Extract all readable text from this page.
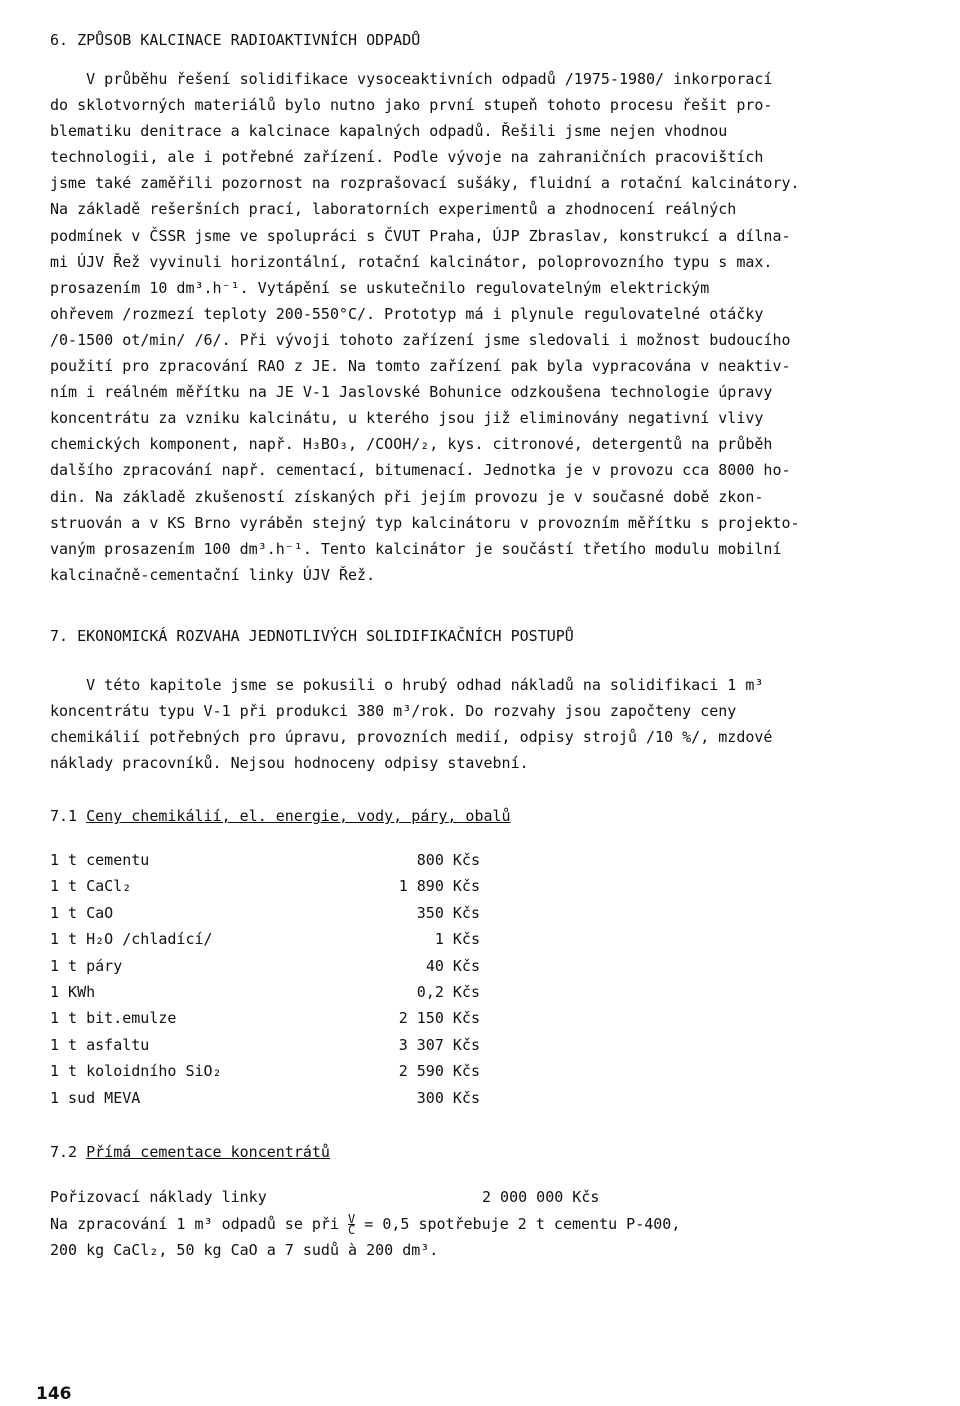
6. ZPŮSOB KALCINACE RADIOAKTIVNÍCH ODPADŮ
V průběhu řešení solidifikace vysoceaktivních odpadů /1975-1980/ inkorporací
do sklotvorných materiálů bylo nutno jako první stupeň tohoto procesu řešit pro-
blematiku denitrace a kalcinace kapalných odpadů. Řešili jsme nejen vhodnou
technologii, ale i potřebné zařízení. Podle vývoje na zahraničních pracovištích
jsme také zaměřili pozornost na rozprašovací sušáky, fluidní a rotační kalcinátory.
Na základě rešeršních prací, laboratorních experimentů a zhodnocení reálných
podmínek v ČSSR jsme ve spolupráci s ČVUT Praha, ÚJP Zbraslav, konstrukcí a dílna-
mi ÚJV Řež vyvinuli horizontální, rotační kalcinátor, poloprovozního typu s max.
prosazením 10 dm³.h⁻¹. Vytápění se uskutečnilo regulovatelným elektrickým
ohřevem /rozmezí teploty 200-550°C/. Prototyp má i plynule regulovatelné otáčky
/0-1500 ot/min/ /6/. Při vývoji tohoto zařízení jsme sledovali i možnost budoucího
použití pro zpracování RAO z JE. Na tomto zařízení pak byla vypracována v neaktiv-
ním i reálném měřítku na JE V-1 Jaslovské Bohunice odzkoušena technologie úpravy
koncentrátu za vzniku kalcinátu, u kterého jsou již eliminovány negativní vlivy
chemických komponent, např. H₃BO₃, /COOH/₂, kys. citronové, detergentů na průběh
dalšího zpracování např. cementací, bitumenací. Jednotka je v provozu cca 8000 ho-
din. Na základě zkušeností získaných při jejím provozu je v současné době zkon-
struován a v KS Brno vyráběn stejný typ kalcinátoru v provozním měřítku s projekto-
vaným prosazením 100 dm³.h⁻¹. Tento kalcinátor je součástí třetího modulu mobilní
kalcinačně-cementační linky ÚJV Řež.
7. EKONOMICKÁ ROZVAHA JEDNOTLIVÝCH SOLIDIFIKAČNÍCH POSTUPŮ
V této kapitole jsme se pokusili o hrubý odhad nákladů na solidifikaci 1 m³
koncentrátu typu V-1 při produkci 380 m³/rok. Do rozvahy jsou započteny ceny
chemikálií potřebných pro úpravu, provozních medií, odpisy strojů /10 %/, mzdové
náklady pracovníků. Nejsou hodnoceny odpisy stavební.
7.1 Ceny chemikálií, el. energie, vody, páry, obalů
1 t cementu	800 Kčs
1 t CaCl₂	1 890 Kčs
1 t CaO	350 Kčs
1 t H₂O /chladící/	1 Kčs
1 t páry	40 Kčs
1 KWh	0,2 Kčs
1 t bit.emulze	2 150 Kčs
1 t asfaltu	3 307 Kčs
1 t koloidního SiO₂	2 590 Kčs
1 sud MEVA	300 Kčs
7.2 Přímá cementace koncentrátů
Pořizovací náklady linky	2 000 000 Kčs
Na zpracování 1 m³ odpadů se při $\frac{V}{C} = 0,5$ spotřebuje 2 t cementu P-400,
200 kg CaCl₂, 50 kg CaO a 7 sudů à 200 dm³.
146
